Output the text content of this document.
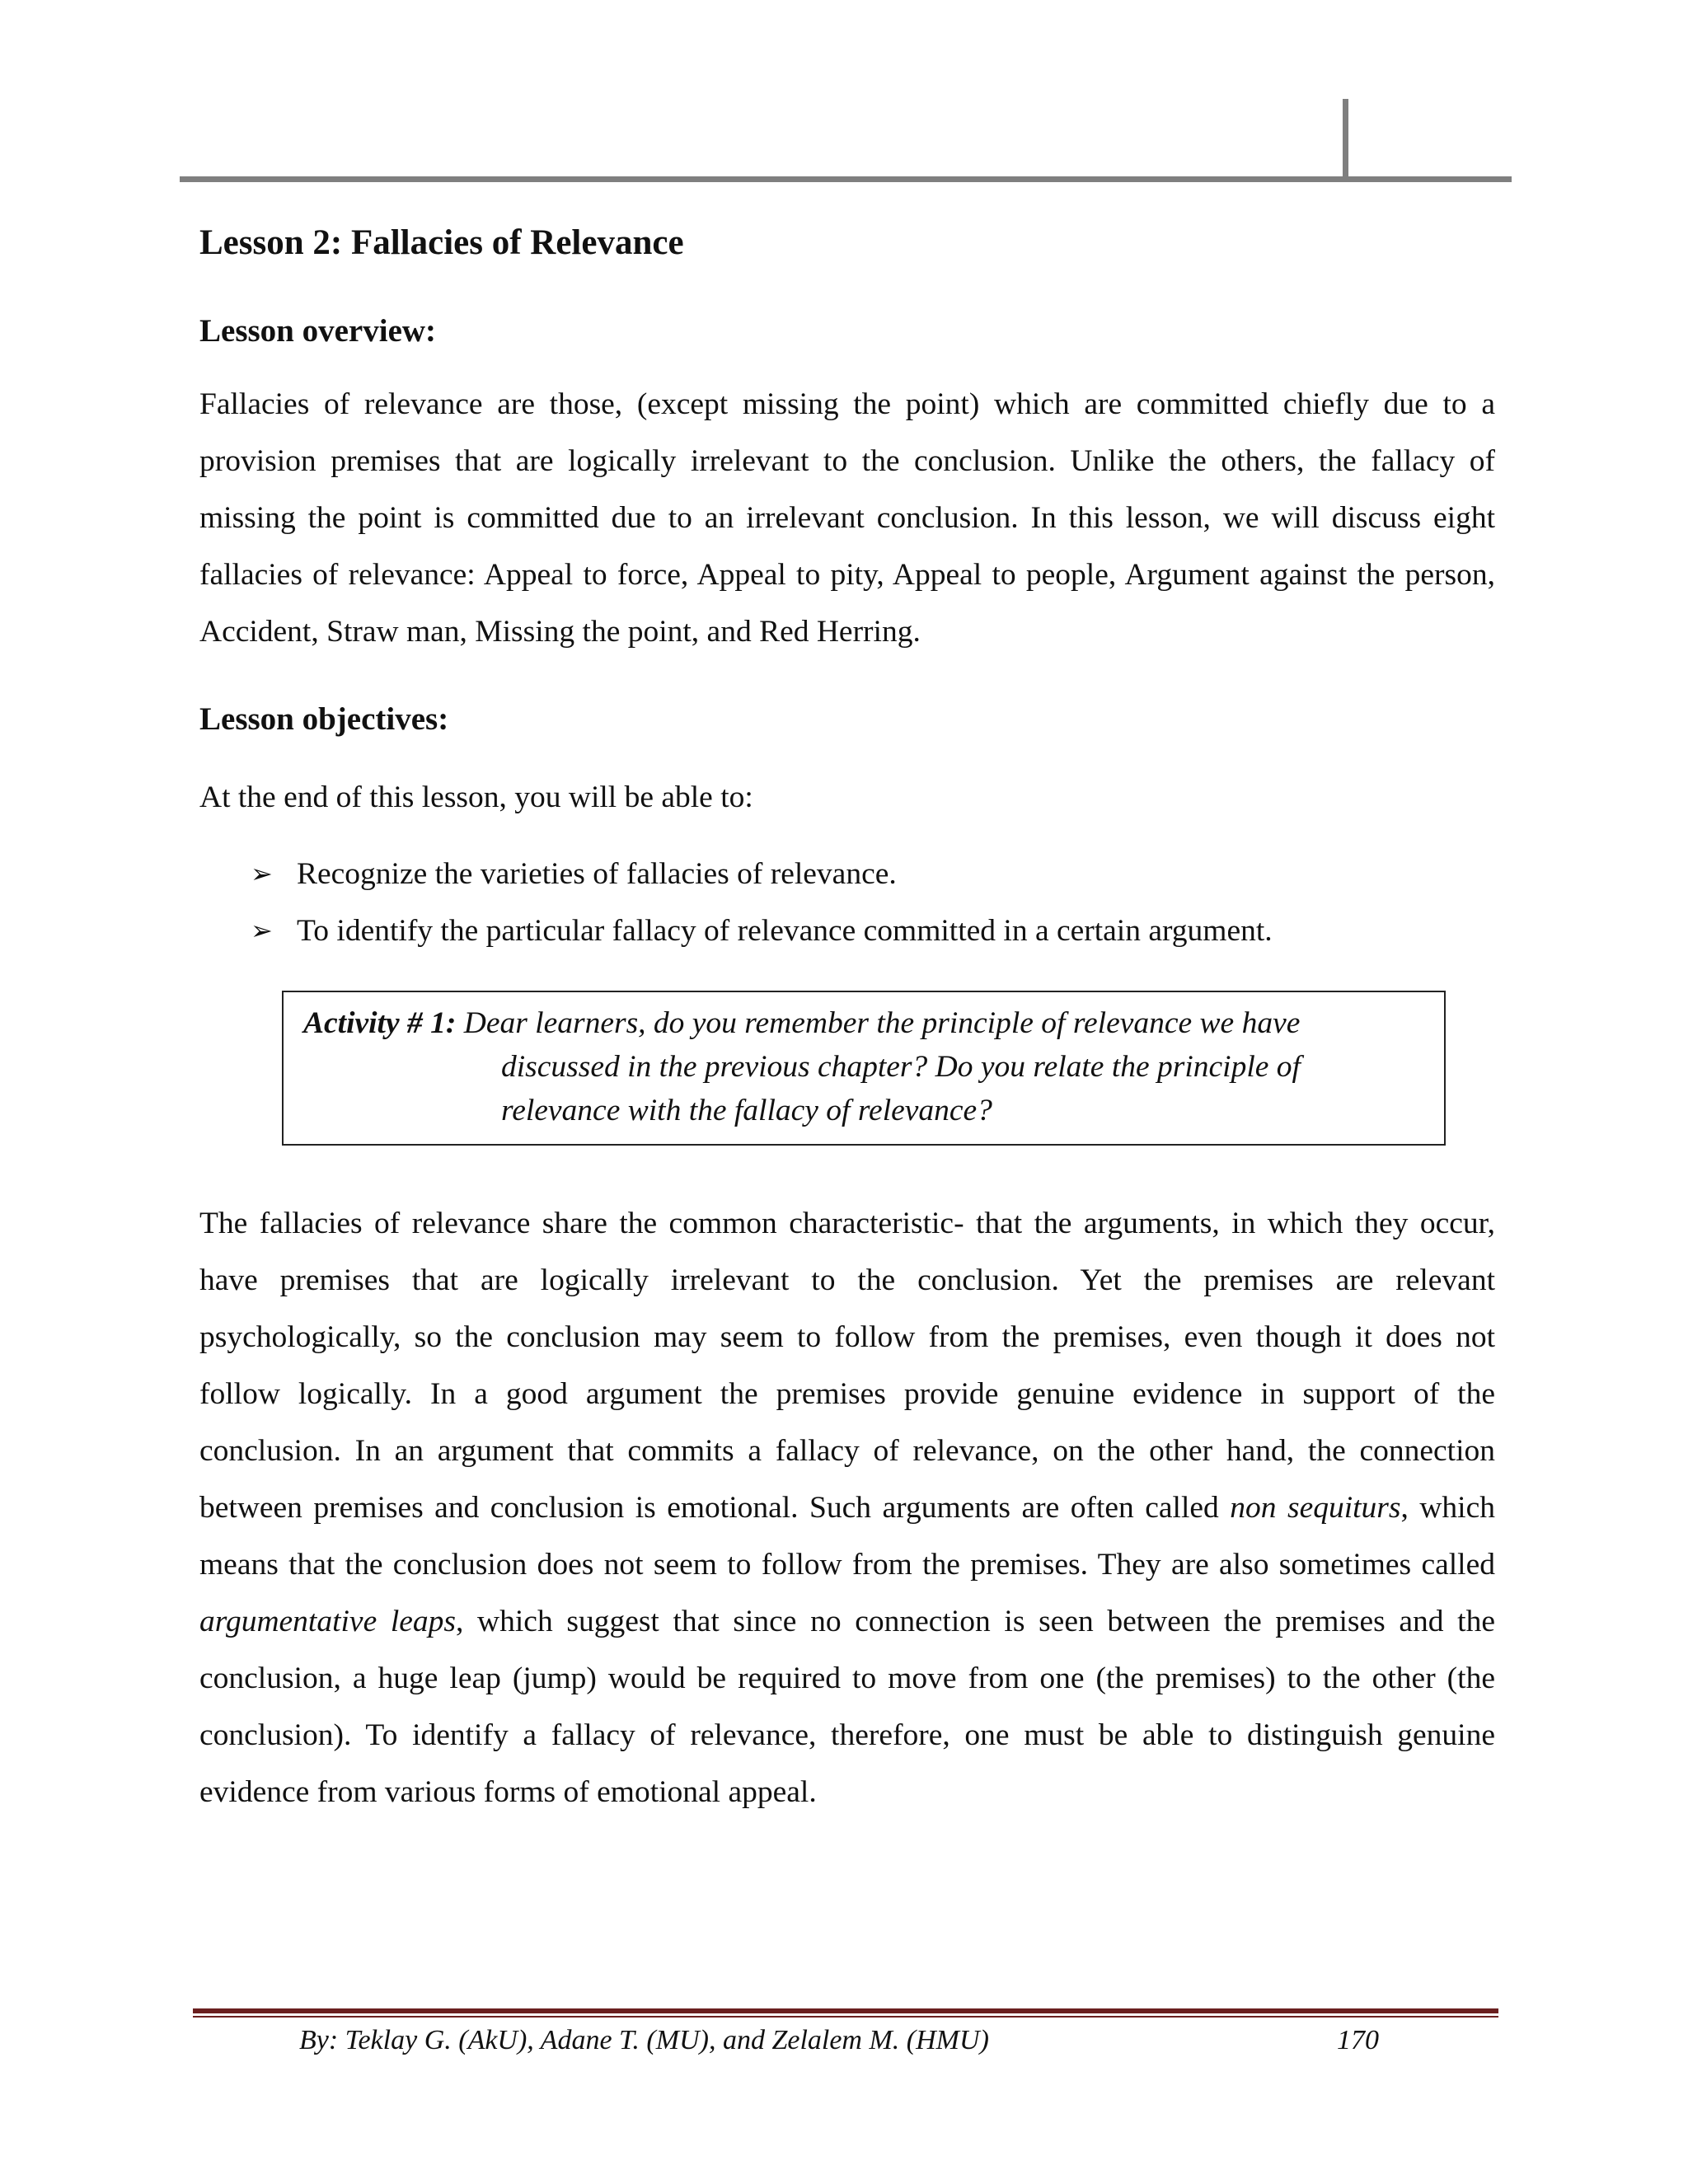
Lesson 2: Fallacies of Relevance
Lesson overview:

Fallacies of relevance are those, (except missing the point) which are committed chiefly due to a provision premises that are logically irrelevant to the conclusion. Unlike the others, the fallacy of missing the point is committed due to an irrelevant conclusion. In this lesson, we will discuss eight fallacies of relevance: Appeal to force, Appeal to pity, Appeal to people, Argument against the person, Accident, Straw man, Missing the point, and Red Herring.

Lesson objectives:

At the end of this lesson, you will be able to:

➢ Recognize the varieties of fallacies of relevance.
➢ To identify the particular fallacy of relevance committed in a certain argument.
Activity # 1: Dear learners, do you remember the principle of relevance we have
discussed in the previous chapter? Do you relate the principle of
relevance with the fallacy of relevance?

The fallacies of relevance share the common characteristic- that the arguments, in which they occur, have premises that are logically irrelevant to the conclusion. Yet the premises are relevant psychologically, so the conclusion may seem to follow from the premises, even though it does not follow logically. In a good argument the premises provide genuine evidence in support of the conclusion. In an argument that commits a fallacy of relevance, on the other hand, the connection between premises and conclusion is emotional. Such arguments are often called non sequiturs, which means that the conclusion does not seem to follow from the premises. They are also sometimes called argumentative leaps, which suggest that since no connection is seen between the premises and the conclusion, a huge leap (jump) would be required to move from one (the premises) to the other (the conclusion). To identify a fallacy of relevance, therefore, one must be able to distinguish genuine evidence from various forms of emotional appeal.

By: Teklay G. (AkU), Adane T. (MU), and Zelalem M. (HMU)	170
